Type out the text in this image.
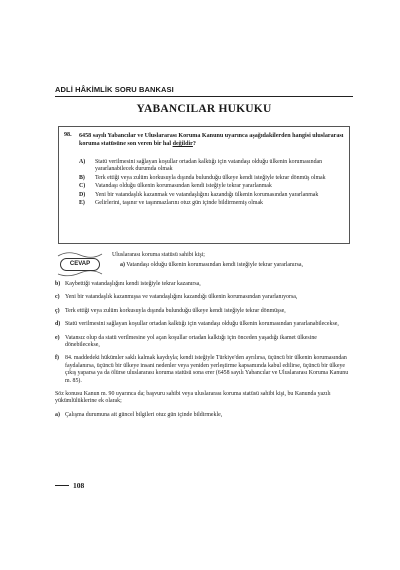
ADLİ HÂKİMLİK SORU BANKASI
YABANCILAR HUKUKU
98. 6458 sayılı Yabancılar ve Uluslararası Koruma Kanunu uyarınca aşağıdakilerden hangisi uluslararası koruma statüsüne son veren bir hal değildir?
A) Statü verilmesini sağlayan koşullar ortadan kalktığı için vatandaşı olduğu ülkenin korumasından yararlanabilecek durumda olmak
B) Terk ettiği veya zulüm korkusuyla dışında bulunduğu ülkeye kendi isteğiyle tekrar dönmüş olmak
C) Vatandaşı olduğu ülkenin korumasından kendi isteğiyle tekrar yararlanmak
D) Yeni bir vatandaşlık kazanmak ve vatandaşlığını kazandığı ülkenin korumasından yararlanmak
E) Gelirlerini, taşınır ve taşınmazlarını otuz gün içinde bildirmemiş olmak
CEVAP
Uluslararası koruma statüsü sahibi kişi;
a) Vatandaşı olduğu ülkenin korumasından kendi isteğiyle tekrar yararlanırsa,
b) Kaybettiği vatandaşlığını kendi isteğiyle tekrar kazanırsa,
c) Yeni bir vatandaşlık kazanmışsa ve vatandaşlığını kazandığı ülkenin korumasından yararlanıyorsa,
ç) Terk ettiği veya zulüm korkusuyla dışında bulunduğu ülkeye kendi isteğiyle tekrar dönmüşse,
d) Statü verilmesini sağlayan koşullar ortadan kalktığı için vatandaşı olduğu ülkenin korumasından yararlanabilecekse,
e) Vatansız olup da statü verilmesine yol açan koşullar ortadan kalktığı için önceden yaşadığı ikamet ülkesine dönebilecekse,
f) 84. maddedeki hükümler saklı kalmak kaydıyla; kendi isteğiyle Türkiye'den ayrılırsa, üçüncü bir ülkenin korumasından faydalanırsa, üçüncü bir ülkeye insani nedenler veya yeniden yerleştirme kapsamında kabul edilirse, üçüncü bir ülkeye çıkış yaparsa ya da ölürse uluslararası koruma statüsü sona erer (6458 sayılı Yabancılar ve Uluslararası Koruma Kanunu m. 85).
Söz konusu Kanun m. 90 uyarınca da; başvuru sahibi veya uluslararası koruma statüsü sahibi kişi, bu Kanunda yazılı yükümlülüklerine ek olarak;
a) Çalışma durumuna ait güncel bilgileri otuz gün içinde bildirmekle,
108
